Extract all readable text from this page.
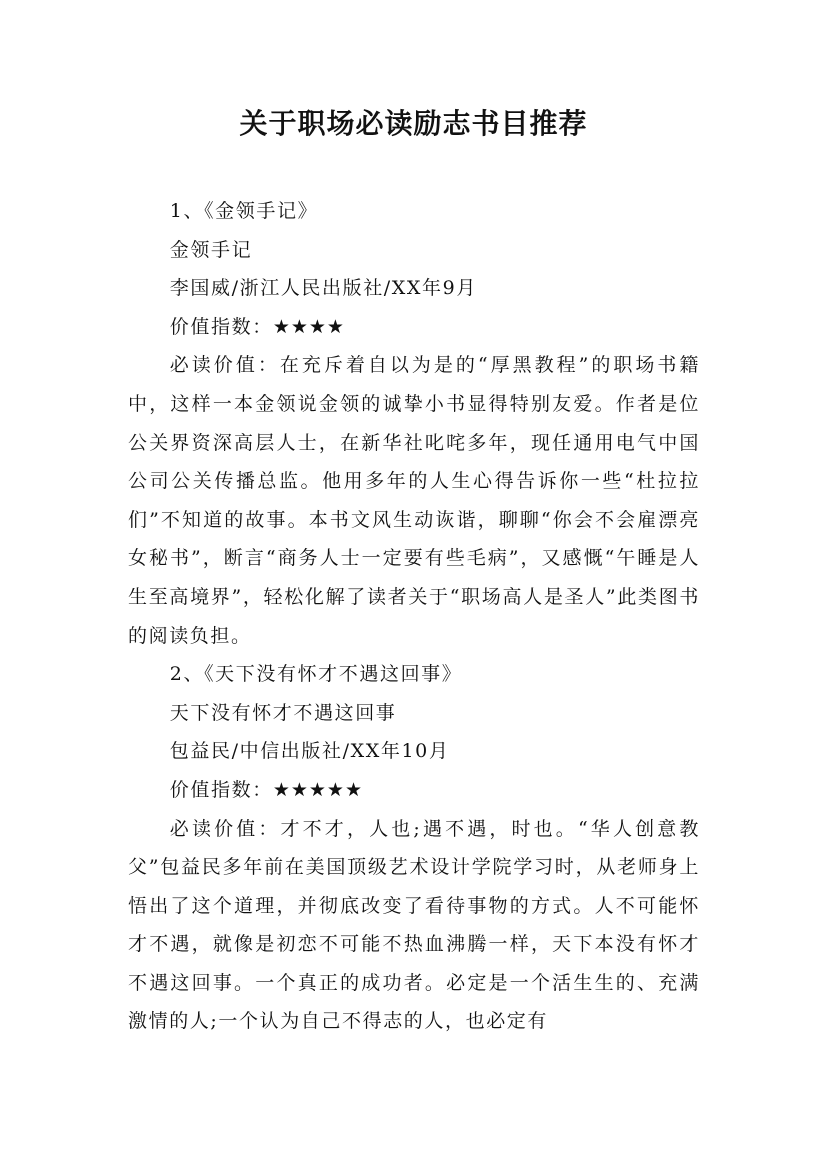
关于职场必读励志书目推荐

1、《金领手记》

金领手记

李国威/浙江人民出版社/XX年9月

价值指数：★★★★

必读价值：在充斥着自以为是的“厚黑教程”的职场书籍中，这样一本金领说金领的诚挚小书显得特别友爱。作者是位公关界资深高层人士，在新华社叱咤多年，现任通用电气中国公司公关传播总监。他用多年的人生心得告诉你一些“杜拉拉们”不知道的故事。本书文风生动诙谐，聊聊“你会不会雇漂亮女秘书”，断言“商务人士一定要有些毛病”，又感慨“午睡是人生至高境界”，轻松化解了读者关于“职场高人是圣人”此类图书的阅读负担。

2、《天下没有怀才不遇这回事》

天下没有怀才不遇这回事

包益民/中信出版社/XX年10月

价值指数：★★★★★

必读价值：才不才，人也;遇不遇，时也。“华人创意教父”包益民多年前在美国顶级艺术设计学院学习时，从老师身上悟出了这个道理，并彻底改变了看待事物的方式。人不可能怀才不遇，就像是初恋不可能不热血沸腾一样，天下本没有怀才不遇这回事。一个真正的成功者。必定是一个活生生的、充满激情的人;一个认为自己不得志的人，也必定有
